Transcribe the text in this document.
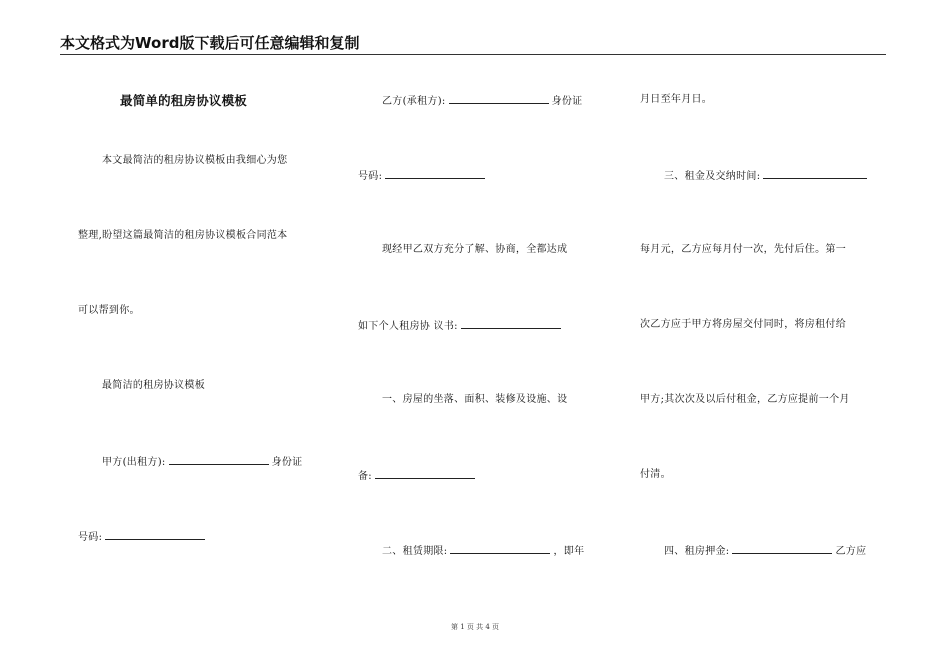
本文格式为Word版下载后可任意编辑和复制
最简单的租房协议模板
本文最简洁的租房协议模板由我细心为您
整理,盼望这篇最简洁的租房协议模板合同范本
可以帮到你。
最简洁的租房协议模板
甲方(出租方):	身份证
号码:
乙方(承租方):	身份证
号码:
现经甲乙双方充分了解、协商，全都达成
如下个人租房协 议书:
一、房屋的坐落、面积、装修及设施、设
备:
二、租赁期限:	，即年
月日至年月日。
三、租金及交纳时间:
每月元，乙方应每月付一次，先付后住。第一
次乙方应于甲方将房屋交付同时，将房租付给
甲方;其次次及以后付租金，乙方应提前一个月
付清。
四、租房押金:	乙方应
第 1 页 共 4 页
